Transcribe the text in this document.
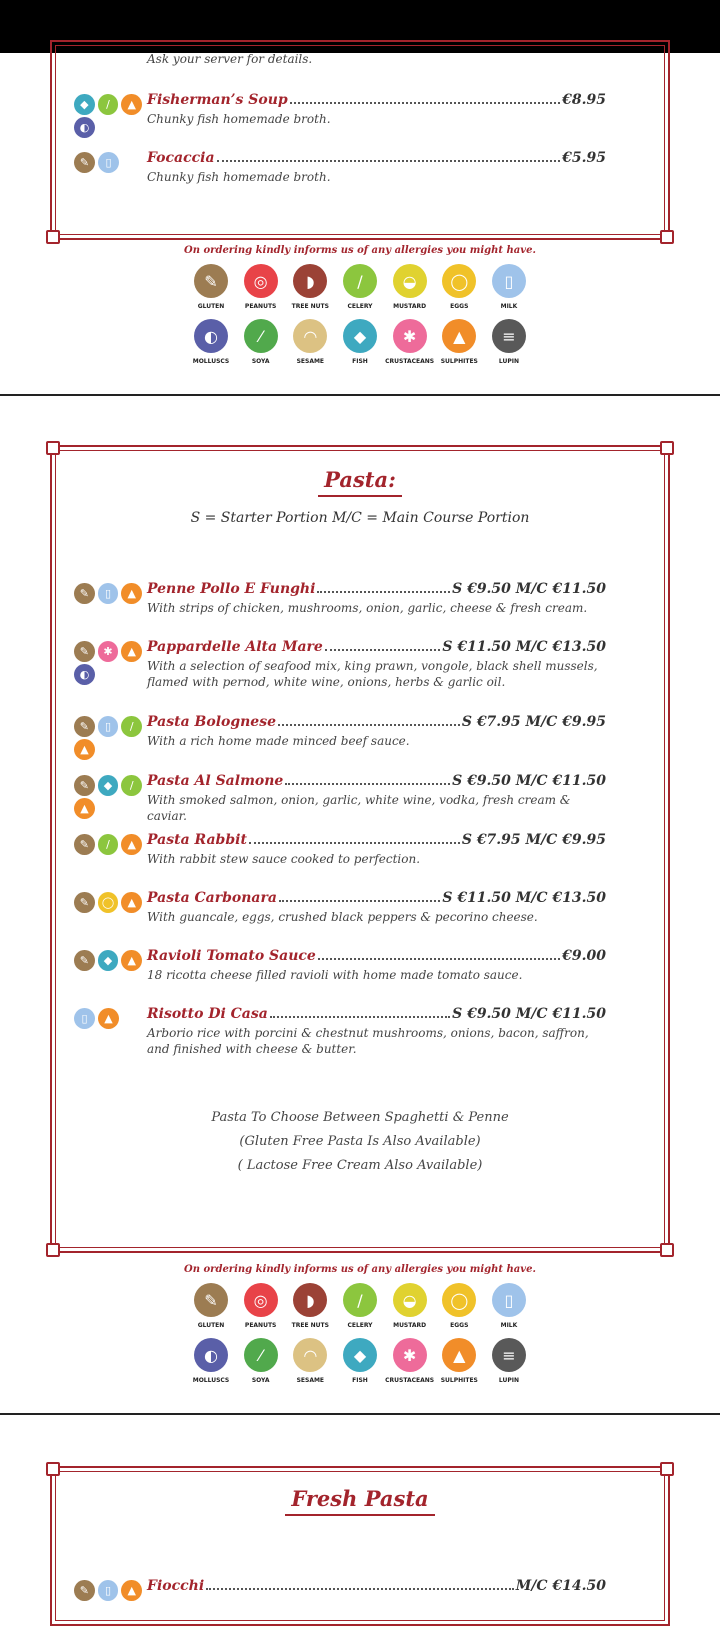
Ask your server for details.
◆	/	▲
◐
Fisherman’s Soup	€8.95
Chunky fish homemade broth.
✎	▯	Focaccia	€5.95
Chunky fish homemade broth.
On ordering kindly informs us of any allergies you might have.
✎
GLUTEN
◎
PEANUTS
◗
TREE NUTS
/
CELERY
◒
MUSTARD
◯
EGGS
▯
MILK
◐
MOLLUSCS
⁄
SOYA
◠
SESAME
◆
FISH
✱
CRUSTACEANS
▲
SULPHITES
≡
LUPIN
Pasta:
S = Starter Portion M/C = Main Course Portion
✎	▯	▲ Penne Pollo E Funghi	S €9.50 M/C €11.50
With strips of chicken, mushrooms, onion, garlic, cheese & fresh cream.
✎	✱	▲
◐
Pappardelle Alta Mare	S €11.50 M/C €13.50
With a selection of seafood mix, king prawn, vongole, black shell mussels, flamed with pernod, white wine, onions, herbs & garlic oil.
✎	▯	/
▲
Pasta Bolognese	S €7.95 M/C €9.95
With a rich home made minced beef sauce.
✎	◆	/
▲
Pasta Al Salmone	S €9.50 M/C €11.50
With smoked salmon, onion, garlic, white wine, vodka, fresh cream & caviar.
✎	/	▲ Pasta Rabbit	S €7.95 M/C €9.95
With rabbit stew sauce cooked to perfection.
✎	◯	▲ Pasta Carbonara	S €11.50 M/C €13.50
With guancale, eggs, crushed black peppers & pecorino cheese.
✎	◆	▲ Ravioli Tomato Sauce	€9.00
18 ricotta cheese filled ravioli with home made tomato sauce.
▯	▲	Risotto Di Casa	S €9.50 M/C €11.50
Arborio rice with porcini & chestnut mushrooms, onions, bacon, saffron, and finished with cheese & butter.
Pasta To Choose Between Spaghetti & Penne
(Gluten Free Pasta Is Also Available)
( Lactose Free Cream Also Available)
On ordering kindly informs us of any allergies you might have.
✎
GLUTEN
◎
PEANUTS
◗
TREE NUTS
/
CELERY
◒
MUSTARD
◯
EGGS
▯
MILK
◐
MOLLUSCS
⁄
SOYA
◠
SESAME
◆
FISH
✱
CRUSTACEANS
▲
SULPHITES
≡
LUPIN
Fresh Pasta
✎	▯	▲ Fiocchi	M/C €14.50
